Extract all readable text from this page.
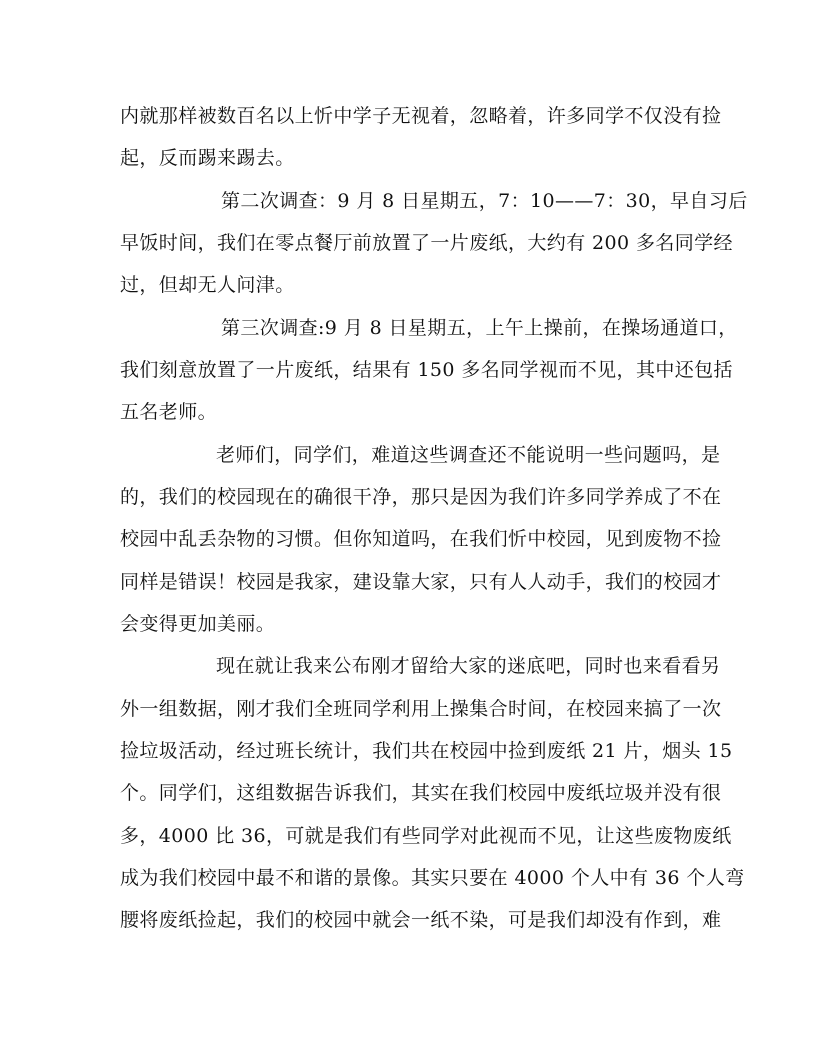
内就那样被数百名以上忻中学子无视着，忽略着，许多同学不仅没有捡
起，反而踢来踢去。
第二次调查：9 月 8 日星期五，7：10——7：30，早自习后
早饭时间，我们在零点餐厅前放置了一片废纸，大约有 200 多名同学经
过，但却无人问津。
第三次调查:9 月 8 日星期五，上午上操前，在操场通道口，
我们刻意放置了一片废纸，结果有 150 多名同学视而不见，其中还包括
五名老师。
老师们，同学们，难道这些调查还不能说明一些问题吗，是
的，我们的校园现在的确很干净，那只是因为我们许多同学养成了不在
校园中乱丢杂物的习惯。但你知道吗，在我们忻中校园，见到废物不捡
同样是错误！校园是我家，建设靠大家，只有人人动手，我们的校园才
会变得更加美丽。
现在就让我来公布刚才留给大家的迷底吧，同时也来看看另
外一组数据，刚才我们全班同学利用上操集合时间，在校园来搞了一次
捡垃圾活动，经过班长统计，我们共在校园中捡到废纸 21 片，烟头 15
个。同学们，这组数据告诉我们，其实在我们校园中废纸垃圾并没有很
多，4000 比 36，可就是我们有些同学对此视而不见，让这些废物废纸
成为我们校园中最不和谐的景像。其实只要在 4000 个人中有 36 个人弯
腰将废纸捡起，我们的校园中就会一纸不染，可是我们却没有作到，难
